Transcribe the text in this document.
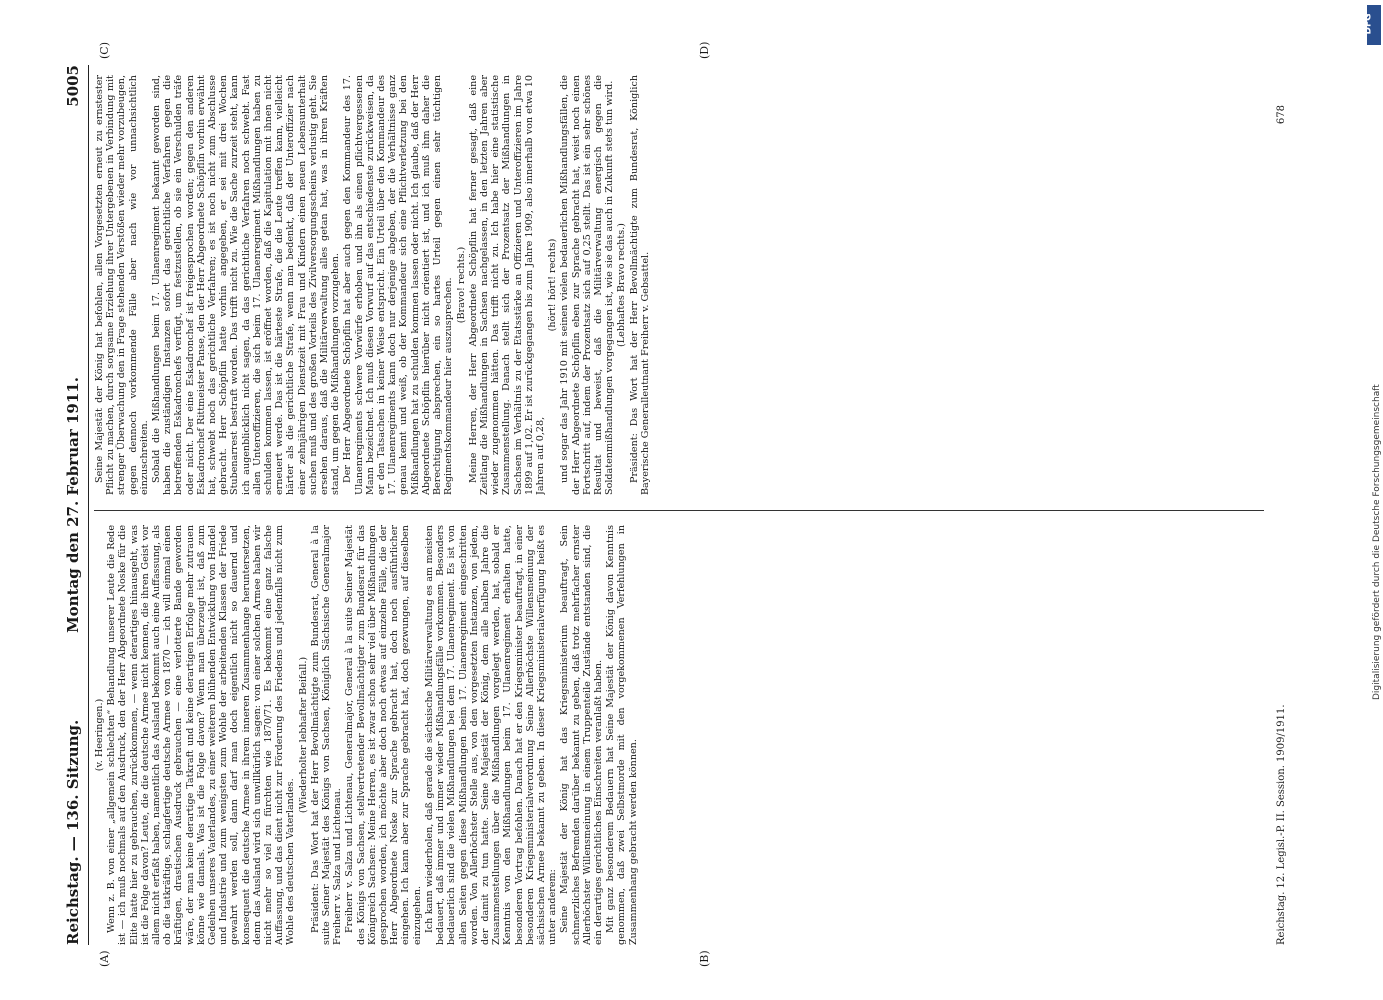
Reichstag. — 136. Sitzung.
Montag den 27. Februar 1911.
5005
(A)	(B)
(C)	(D)

(v. Heeringen.) Wenn z. B. von einer „allgemein schlechten“ Behandlung unserer Leute die Rede ist — ich muß nochmals auf den Ausdruck, den der Herr Abgeordnete Noske für die Elite hatte hier zu gebrauchen, zurückkommen, — wenn derartiges hinausgeht, was ist die Folge davon? Leute, die die deutsche Armee nicht kennen, die ihren Geist vor allem nicht erfaßt haben, namentlich das Ausland bekommt auch eine Auffassung, als ob die tatkräftige, schlagfertige deutsche Armee von 1870 — ich will einmal einen kräftigen, drastischen Ausdruck gebrauchen — eine verlotterte Bande geworden wäre, der man keine derartige Tatkraft und keine derartigen Erfolge mehr zutrauen könne wie damals. Was ist die Folge davon? Wenn man überzeugt ist, daß zum Gedeihen unseres Vaterlandes, zu einer weiteren blühenden Entwicklung von Handel und Industrie und zum wenigsten zum Wohle der arbeitenden Klassen der Friede gewahrt werden soll, dann darf man doch eigentlich nicht so dauernd und konsequent die deutsche Armee in ihrem inneren Zusammenhange heruntersetzen, denn das Ausland wird sich unwillkürlich sagen: von einer solchen Armee haben wir nicht mehr so viel zu fürchten wie 1870/71. Es bekommt eine ganz falsche Auffassung, und das dient nicht zur Förderung des Friedens und jedenfalls nicht zum Wohle des deutschen Vaterlandes.

(Wiederholter lebhafter Beifall.) Präsident: Das Wort hat der Herr Bevollmächtigte zum Bundesrat, General à la suite Seiner Majestät des Königs von Sachsen, Königlich Sächsische Generalmajor Freiherr v. Salza und Lichtenau. Freiherr v. Salza und Lichtenau, Generalmajor, General à la suite Seiner Majestät des Königs von Sachsen, stellvertretender Bevollmächtigter zum Bundesrat für das Königreich Sachsen: Meine Herren, es ist zwar schon sehr viel über Mißhandlungen gesprochen worden, ich möchte aber doch noch etwas auf einzelne Fälle, die der Herr Abgeordnete Noske zur Sprache gebracht hat, doch noch ausführlicher eingehen. Ich kann aber zur Sprache gebracht hat, doch gezwungen, auf dieselben einzugehen. Ich kann wiederholen, daß gerade die sächsische Militärverwaltung es am meisten bedauert, daß immer und immer wieder Mißhandlungsfälle vorkommen. Besonders bedauerlich sind die vielen Mißhandlungen bei dem 17. Ulanenregiment. Es ist von allen Seiten gegen diese Mißhandlungen beim 17. Ulanenregiment eingeschritten worden. Von Allerhöchster Stelle aus, von den vorgesetzten Instanzen, von jedem, der damit zu tun hatte. Seine Majestät der König, dem alle halben Jahre die Zusammenstellungen über die Mißhandlungen vorgelegt werden, hat, sobald er Kenntnis von den Mißhandlungen beim 17. Ulanenregiment erhalten hatte, besonderen Vortrag befohlen. Danach hat er den Kriegsminister beauftragt, in einer besonderen Kriegsministerialverordnung Seine Allerhöchste Willensmeinung der sächsischen Armee bekannt zu geben. In dieser Kriegsministerialverfügung heißt es unter anderem: Seine Majestät der König hat das Kriegsministerium beauftragt, Sein schmerzliches Befremden darüber bekannt zu geben, daß trotz mehrfacher ernster Allerhöchster Willensmeinung in einem Truppenteile Zustände entstanden sind, die ein derartiges gerichtliches Einschreiten veranlaßt haben. Mit ganz besonderem Bedauern hat Seine Majestät der König davon Kenntnis genommen, daß zwei Selbstmorde mit den vorgekommenen Verfehlungen in Zusammenhang gebracht werden können.

Seine Majestät der König hat befohlen, allen Vorgesetzten erneut zu ernstester Pflicht zu machen, durch sorgsame Erziehung ihrer Untergebenen in Verbindung mit strenger Überwachung den in Frage stehenden Verstößen wieder mehr vorzubeugen, gegen dennoch vorkommende Fälle aber nach wie vor unnachsichtlich einzuschreiten. Sobald die Mißhandlungen beim 17. Ulanenregiment bekannt geworden sind, haben die zuständigen Instanzen sofort das gerichtliche Verfahren gegen die betreffenden Eskadronchefs verfügt, um festzustellen, ob sie ein Verschulden träfe oder nicht. Der eine Eskadronchef ist freigesprochen worden; gegen den anderen Eskadronchef Rittmeister Panse, den der Herr Abgeordnete Schöpflin vorhin erwähnt hat, schwebt noch das gerichtliche Verfahren; es ist noch nicht zum Abschlusse gebracht. Herr Schöpflin hatte vorhin angegeben, er sei mit drei Wochen Stubenarrest bestraft worden. Das trifft nicht zu. Wie die Sache zurzeit steht, kann ich augenblicklich nicht sagen, da das gerichtliche Verfahren noch schwebt. Fast allen Unteroffizieren, die sich beim 17. Ulanenregiment Mißhandlungen haben zu schulden kommen lassen, ist eröffnet worden, daß die Kapitulation mit ihnen nicht erneuert werde. Das ist die härteste Strafe, die die Leute treffen kann, vielleicht härter als die gerichtliche Strafe, wenn man bedenkt, daß der Unteroffizier nach einer zehnjährigen Dienstzeit mit Frau und Kindern einen neuen Lebensunterhalt suchen muß und des großen Vorteils des Zivilversorgungsscheins verlustig geht. Sie ersehen daraus, daß die Militärverwaltung alles getan hat, was in ihren Kräften stand, um gegen die Mißhandlungen vorzugehen. Der Herr Abgeordnete Schöpflin hat aber auch gegen den Kommandeur des 17. Ulanenregiments schwere Vorwürfe erhoben und ihn als einen pflichtvergessenen Mann bezeichnet. Ich muß diesen Vorwurf auf das entschiedenste zurückweisen, da er den Tatsachen in keiner Weise entspricht. Ein Urteil über den Kommandeur des 17. Ulanenregiments kann doch nur derjenige abgeben, der die Verhältnisse ganz genau kennt und weiß, ob der Kommandeur sich eine Pflichtverletzung bei den Mißhandlungen hat zu schulden kommen lassen oder nicht. Ich glaube, daß der Herr Abgeordnete Schöpflin hierüber nicht orientiert ist, und ich muß ihm daher die Berechtigung absprechen, ein so hartes Urteil gegen einen sehr tüchtigen Regimentskommandeur hier auszusprechen. (Bravo! rechts.) Meine Herren, der Herr Abgeordnete Schöpflin hat ferner gesagt, daß eine Zeitlang die Mißhandlungen in Sachsen nachgelassen, in den letzten Jahren aber wieder zugenommen hätten. Das trifft nicht zu. Ich habe hier eine statistische Zusammenstellung. Danach stellt sich der Prozentsatz der Mißhandlungen in Sachsen im Verhältnis zu der Etatsstärke an Offizieren und Unteroffizieren im Jahre 1899 auf 1,02. Er ist zurückgegangen bis zum Jahre 1909, also innerhalb von etwa 10 Jahren auf 0,28,

(hört! hört! rechts) und sogar das Jahr 1910 mit seinen vielen bedauerlichen Mißhandlungsfällen, die der Herr Abgeordnete Schöpflin eben zur Sprache gebracht hat, weist noch einen Fortschritt auf, indem der Prozentsatz sich auf 0,25 stellt. Das ist ein sehr schönes Resultat und beweist, daß die Militärverwaltung energisch gegen die Soldatenmißhandlungen vorgegangen ist, wie sie das auch in Zukunft stets tun wird. (Lebhaftes Bravo rechts.) Präsident: Das Wort hat der Herr Bevollmächtigte zum Bundesrat, Königlich Bayerische Generalleutnant Freiherr v. Gebsattel.

Reichstag. 12. Legisl.-P. II. Session. 1909/1911.
678
DFG
Digitalisierung gefördert durch die Deutsche Forschungsgemeinschaft
